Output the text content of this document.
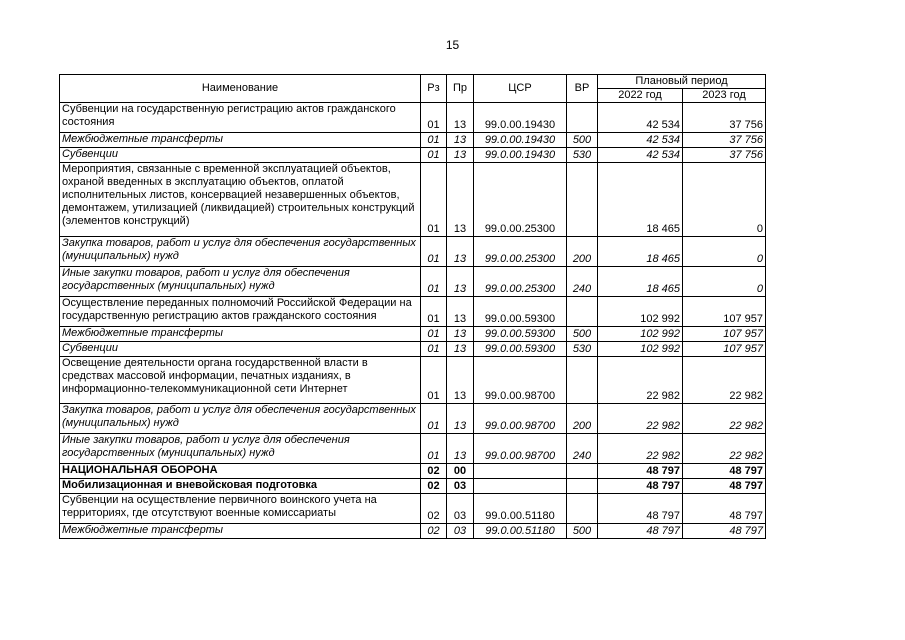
15
Наименование	Рз	Пр	ЦСР	ВР	Плановый период	
					2022 год	2023 год
Субвенции на государственную регистрацию актов гражданского состояния	01	13	99.0.00.19430		42 534	37 756
Межбюджетные трансферты	01	13	99.0.00.19430	500	42 534	37 756
Субвенции	01	13	99.0.00.19430	530	42 534	37 756
Мероприятия, связанные с временной эксплуатацией объектов, охраной введенных в эксплуатацию объектов, оплатой исполнительных листов, консервацией незавершенных объектов, демонтажем, утилизацией (ликвидацией) строительных конструкций (элементов конструкций)	01	13	99.0.00.25300		18 465	0
Закупка товаров, работ и услуг для обеспечения государственных (муниципальных) нужд	01	13	99.0.00.25300	200	18 465	0
Иные закупки товаров, работ и услуг для обеспечения государственных (муниципальных) нужд	01	13	99.0.00.25300	240	18 465	0
Осуществление переданных полномочий Российской Федерации на государственную регистрацию актов гражданского состояния	01	13	99.0.00.59300		102 992	107 957
Межбюджетные трансферты	01	13	99.0.00.59300	500	102 992	107 957
Субвенции	01	13	99.0.00.59300	530	102 992	107 957
Освещение деятельности органа государственной власти в средствах массовой информации, печатных изданиях, в информационно-телекоммуникационной сети Интернет	01	13	99.0.00.98700		22 982	22 982
Закупка товаров, работ и услуг для обеспечения государственных (муниципальных) нужд	01	13	99.0.00.98700	200	22 982	22 982
Иные закупки товаров, работ и услуг для обеспечения государственных (муниципальных) нужд	01	13	99.0.00.98700	240	22 982	22 982
НАЦИОНАЛЬНАЯ ОБОРОНА	02	00			48 797	48 797
Мобилизационная и вневойсковая подготовка	02	03			48 797	48 797
Субвенции на осуществление первичного воинского учета на территориях, где отсутствуют военные комиссариаты	02	03	99.0.00.51180		48 797	48 797
Межбюджетные трансферты	02	03	99.0.00.51180	500	48 797	48 797
